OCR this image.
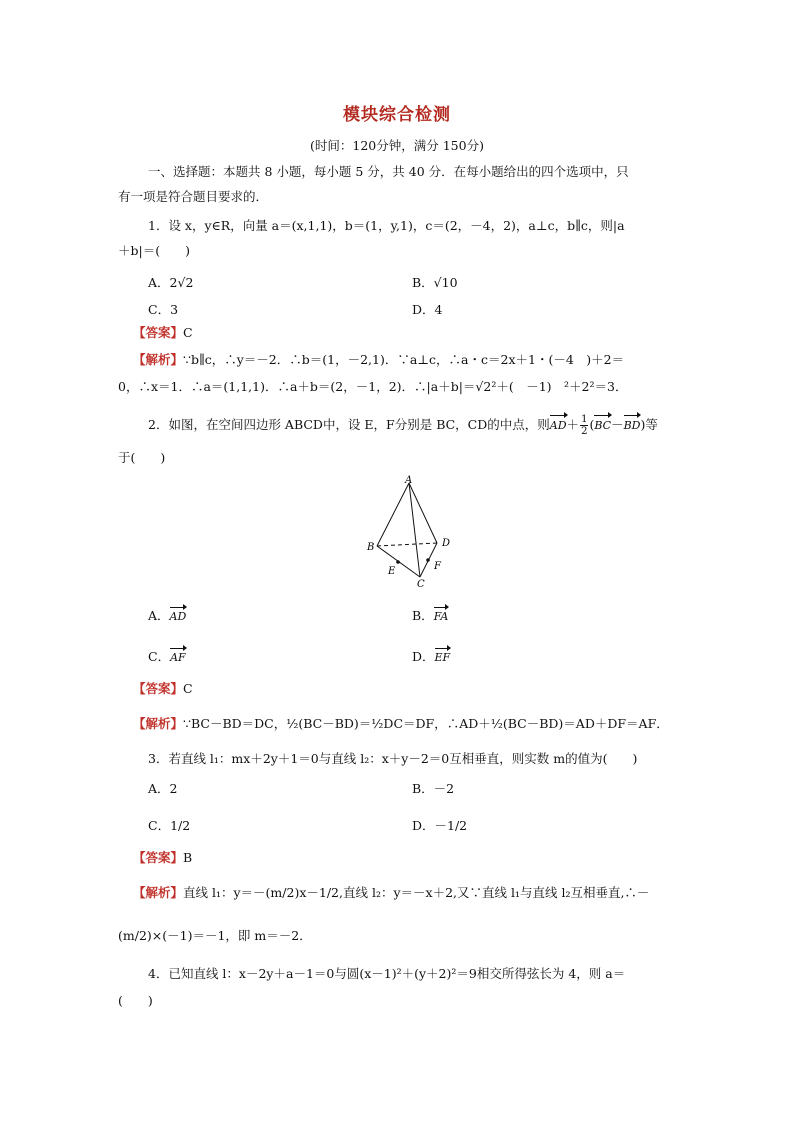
模块综合检测
(时间：120分钟，满分 150分)
一、选择题：本题共 8 小题，每小题 5 分，共 40 分．在每小题给出的四个选项中，只
有一项是符合题目要求的．
1．设 x，y∈R，向量 a＝(x,1,1)，b＝(1，y,1)，c＝(2，－4，2)，a⊥c，b∥c，则|a
＋b|＝(　　)
A．2√2	B．√10
C．3	D．4
【答案】C
【解析】∵b∥c，∴y＝－2．∴b＝(1，－2,1)．∵a⊥c，∴a・c＝2x＋1・(－4　)＋2＝
0，∴x＝1．∴a＝(1,1,1)．∴a＋b＝(2，－1，2)．∴|a＋b|＝√2²＋(　－1)　²＋2²＝3．
2．如图，在空间四边形 ABCD中，设 E，F分别是 BC，CD的中点，则$AD+ \frac{1}{2} (BC-BD)$等
于(　　)
A
B
C
D
E	F
A．AD	B．FA
C．AF	D．EF
【答案】C
【解析】∵BC－BD＝DC，½(BC－BD)＝½DC＝DF，∴AD＋½(BC－BD)＝AD＋DF＝AF．
3．若直线 l₁：mx＋2y＋1＝0与直线 l₂：x＋y－2＝0互相垂直，则实数 m的值为(　　)
A．2	B．－2
C．1/2	D．－1/2
【答案】B
【解析】直线 l₁：y＝－(m/2)x－1/2,直线 l₂：y＝－x＋2,又∵直线 l₁与直线 l₂互相垂直,∴－
(m/2)×(－1)＝－1，即 m＝－2．
4．已知直线 l：x－2y＋a－1＝0与圆(x－1)²＋(y＋2)²＝9相交所得弦长为 4，则 a＝
(　　)
